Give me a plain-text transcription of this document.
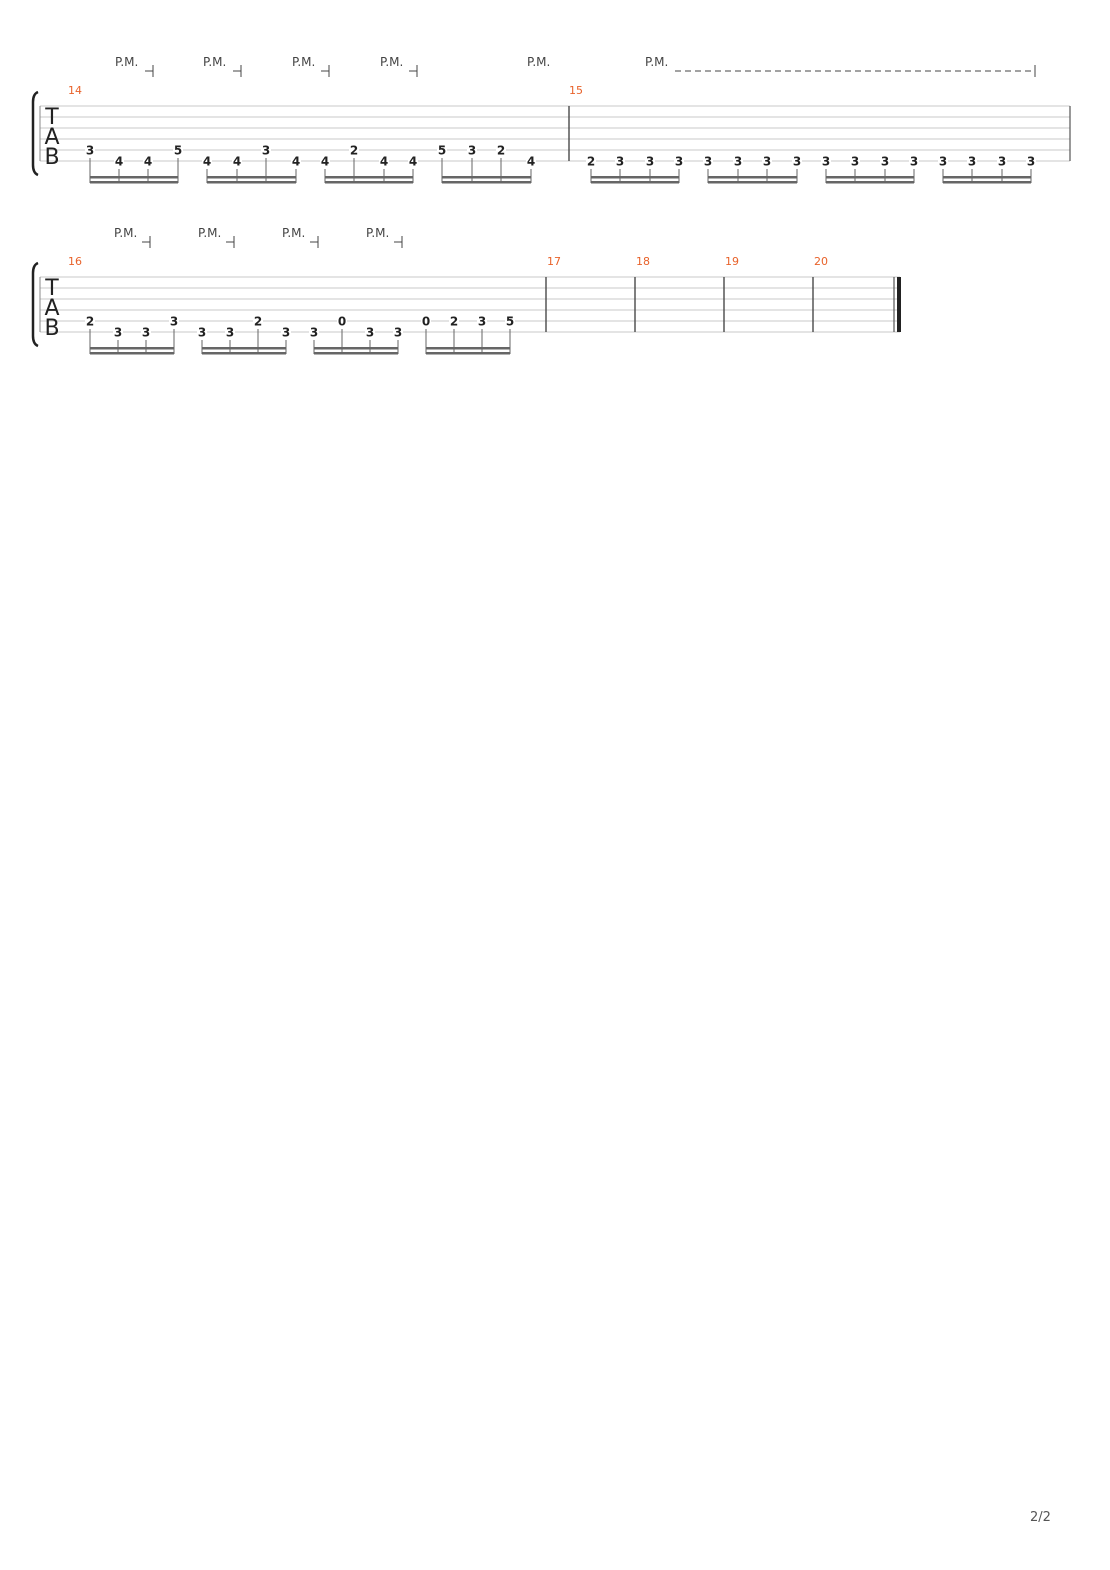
T
A
B
14
3
4 4
5
4 4
3
4 4
2
4 4
5 3 2
4
15
2 3 3 3 3 3 3 3 3 3 3 3 3 3 3 3
P.M.	P.M.	P.M.	P.M.	P.M.	P.M.
T
A
B
16
2
3 3
3
3 3
2
3 3
0
3 3
0 2 3 5
17	18	19	20
P.M.	P.M.	P.M.	P.M.
2/2
